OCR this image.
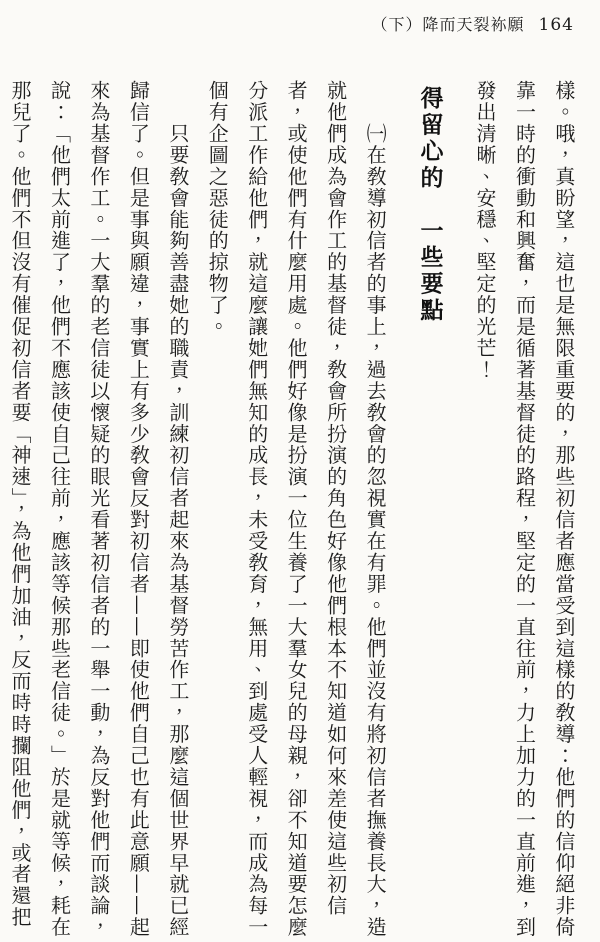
（下）降而天裂袮願 164
樣。哦，真盼望，這也是無限重要的，那些初信者應當受到這樣的敎導：他們的信仰絕非倚
靠一時的衝動和興奮，而是循著基督徒的路程，堅定的一直往前，力上加力的一直前進，到
發出清晰、安穩、堅定的光芒！
得留心的　一些要點
　　㈠在敎導初信者的事上，過去敎會的忽視實在有罪。他們並沒有將初信者撫養長大，造
就他們成為會作工的基督徒，敎會所扮演的角色好像他們根本不知道如何來差使這些初信
者，或使他們有什麼用處。他們好像是扮演一位生養了一大羣女兒的母親，卻不知道要怎麼
分派工作給他們，就這麼讓她們無知的成長，未受敎育，無用、到處受人輕視，而成為每一
個有企圖之惡徒的掠物了。
　　只要敎會能夠善盡她的職責，訓練初信者起來為基督勞苦作工，那麼這個世界早就已經
歸信了。但是事與願違，事實上有多少敎會反對初信者——即使他們自己也有此意願——起
來為基督作工。一大羣的老信徒以懷疑的眼光看著初信者的一舉一動，為反對他們而談論，
說：「他們太前進了，他們不應該使自己往前，應該等候那些老信徒。」於是就等候，耗在
那兒了。他們不但沒有催促初信者要「神速」，為他們加油，反而時時攔阻他們，或者還把
